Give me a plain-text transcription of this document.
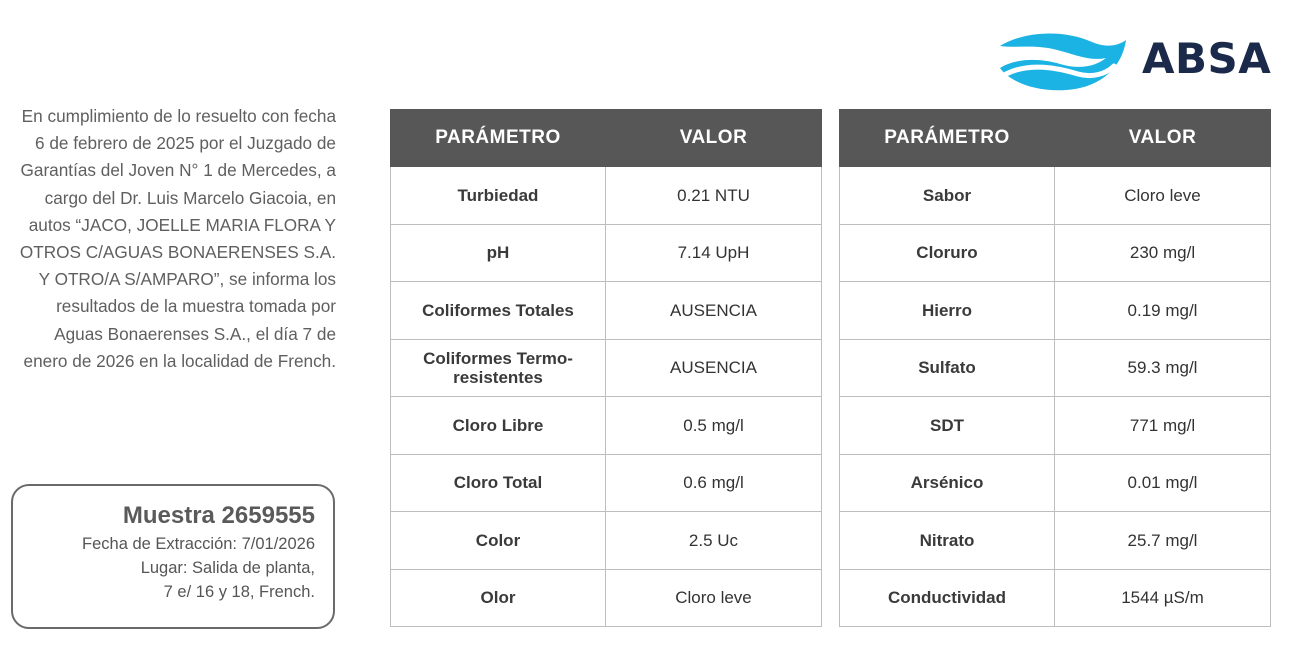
ABSA

En cumplimiento de lo resuelto con fecha 6 de febrero de 2025 por el Juzgado de Garantías del Joven N° 1 de Mercedes, a cargo del Dr. Luis Marcelo Giacoia, en autos “JACO, JOELLE MARIA FLORA Y OTROS C/AGUAS BONAERENSES S.A. Y OTRO/A S/AMPARO”, se informa los resultados de la muestra tomada por Aguas Bonaerenses S.A., el día 7 de enero de 2026 en la localidad de French.

Muestra 2659555
Fecha de Extracción: 7/01/2026
Lugar: Salida de planta,
7 e/ 16 y 18, French.
PARÁMETRO	VALOR
Turbiedad	0.21 NTU
pH	7.14 UpH
Coliformes Totales	AUSENCIA
Coliformes Termo-resistentes	AUSENCIA
Cloro Libre	0.5 mg/l
Cloro Total	0.6 mg/l
Color	2.5 Uc
Olor	Cloro leve
PARÁMETRO	VALOR
Sabor	Cloro leve
Cloruro	230 mg/l
Hierro	0.19 mg/l
Sulfato	59.3 mg/l
SDT	771 mg/l
Arsénico	0.01 mg/l
Nitrato	25.7 mg/l
Conductividad	1544 µS/m
